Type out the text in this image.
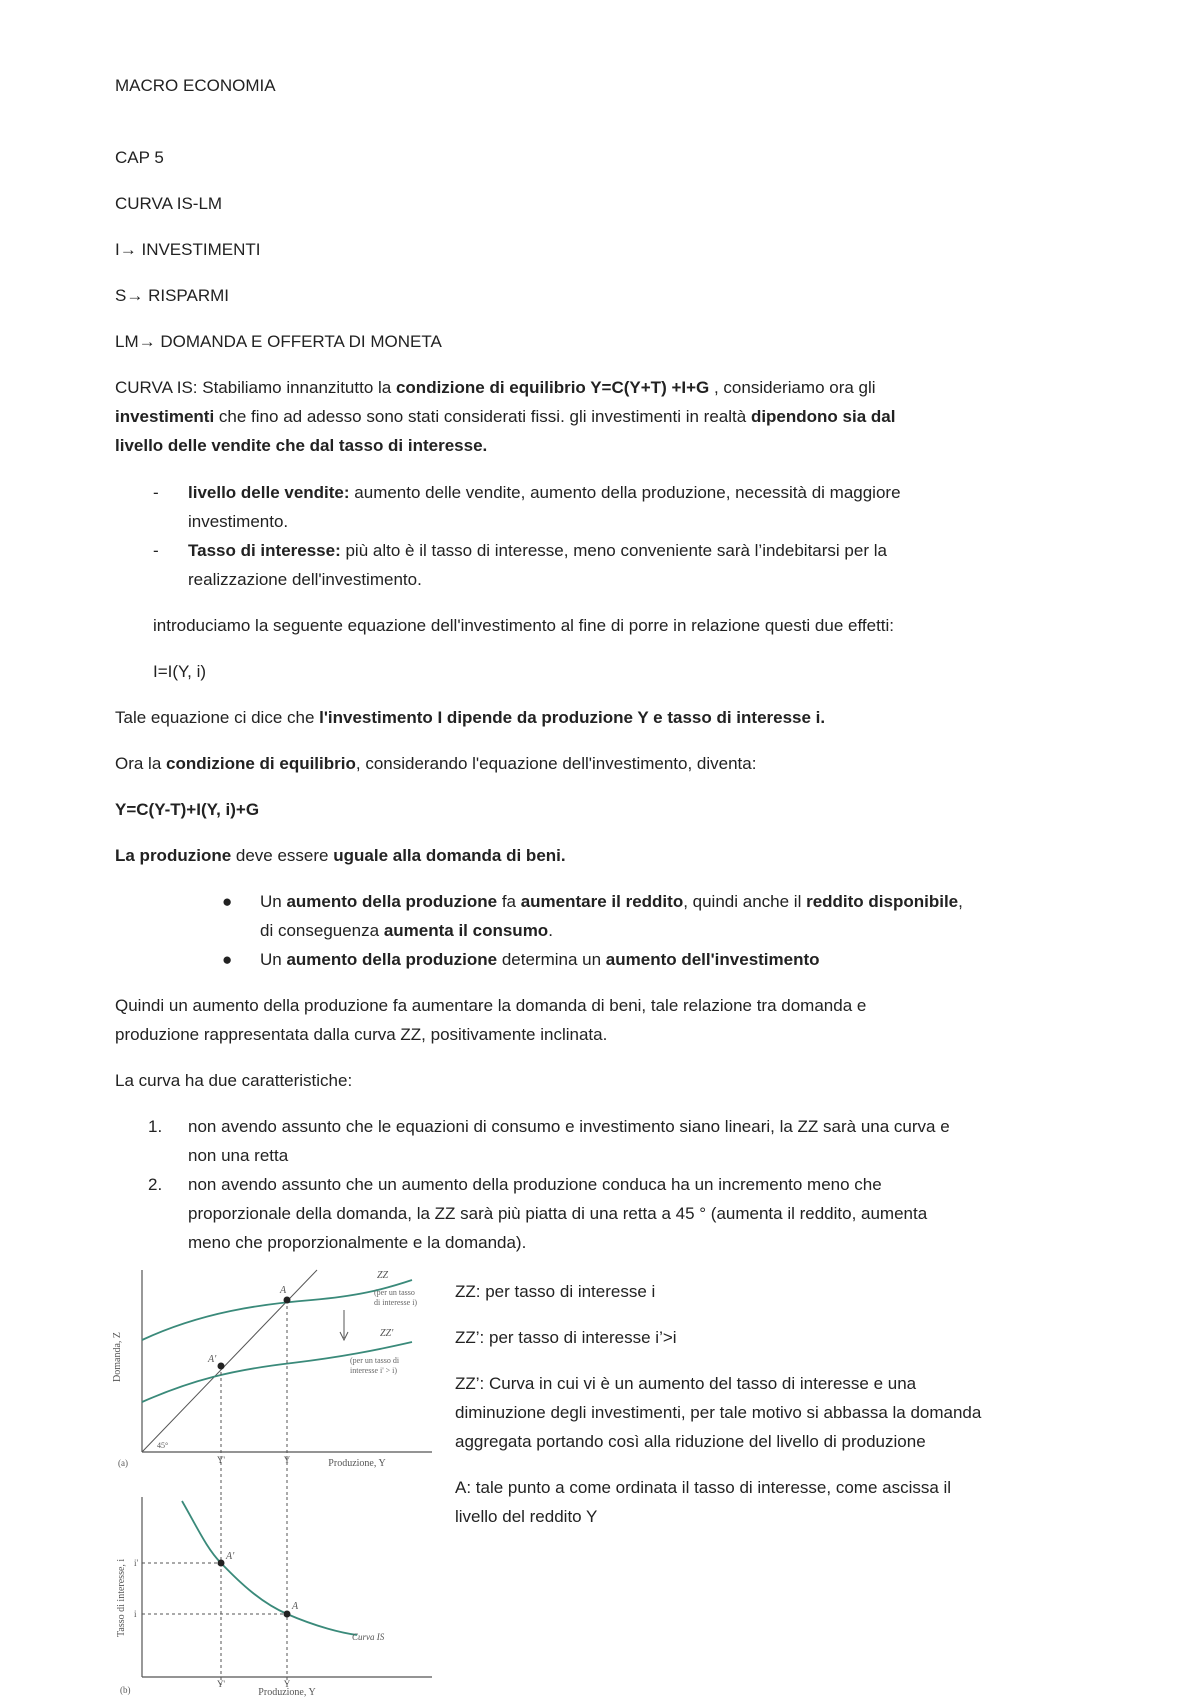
MACRO ECONOMIA
CAP 5
CURVA IS-LM
I→ INVESTIMENTI
S→ RISPARMI
LM→ DOMANDA E OFFERTA DI MONETA
CURVA IS: Stabiliamo innanzitutto la condizione di equilibrio Y=C(Y+T) +I+G , consideriamo ora gli
investimenti che fino ad adesso sono stati considerati fissi. gli investimenti in realtà dipendono sia dal
livello delle vendite che dal tasso di interesse.
- livello delle vendite: aumento delle vendite, aumento della produzione, necessità di maggiore
investimento.
- Tasso di interesse: più alto è il tasso di interesse, meno conveniente sarà l’indebitarsi per la
realizzazione dell'investimento.
introduciamo la seguente equazione dell'investimento al fine di porre in relazione questi due effetti:
I=I(Y, i)
Tale equazione ci dice che l'investimento I dipende da produzione Y e tasso di interesse i.
Ora la condizione di equilibrio, considerando l'equazione dell'investimento, diventa:
Y=C(Y-T)+I(Y, i)+G
La produzione deve essere uguale alla domanda di beni.
● Un aumento della produzione fa aumentare il reddito, quindi anche il reddito disponibile,
di conseguenza aumenta il consumo.
● Un aumento della produzione determina un aumento dell'investimento
Quindi un aumento della produzione fa aumentare la domanda di beni, tale relazione tra domanda e
produzione rappresentata dalla curva ZZ, positivamente inclinata.
La curva ha due caratteristiche:
1. non avendo assunto che le equazioni di consumo e investimento siano lineari, la ZZ sarà una curva e
non una retta
2. non avendo assunto che un aumento della produzione conduca ha un incremento meno che
proporzionale della domanda, la ZZ sarà più piatta di una retta a 45 ° (aumenta il reddito, aumenta
meno che proporzionalmente e la domanda).
ZZ: per tasso di interesse i
ZZ’: per tasso di interesse i’>i
ZZ’: Curva in cui vi è un aumento del tasso di interesse e una
diminuzione degli investimenti, per tale motivo si abbassa la domanda
aggregata portando così alla riduzione del livello di produzione
A: tale punto a come ordinata il tasso di interesse, come ascissa il
livello del reddito Y
Domanda, Z
Produzione, Y
(a)
ZZ
(per un tasso
di interesse i)
ZZ'
(per un tasso di
interesse i' > i)
A
A'
45°
Y'	Y
Tasso di interesse, i
Produzione, Y
(b)
Curva IS
A'
A
i'
i
Y'	Y
